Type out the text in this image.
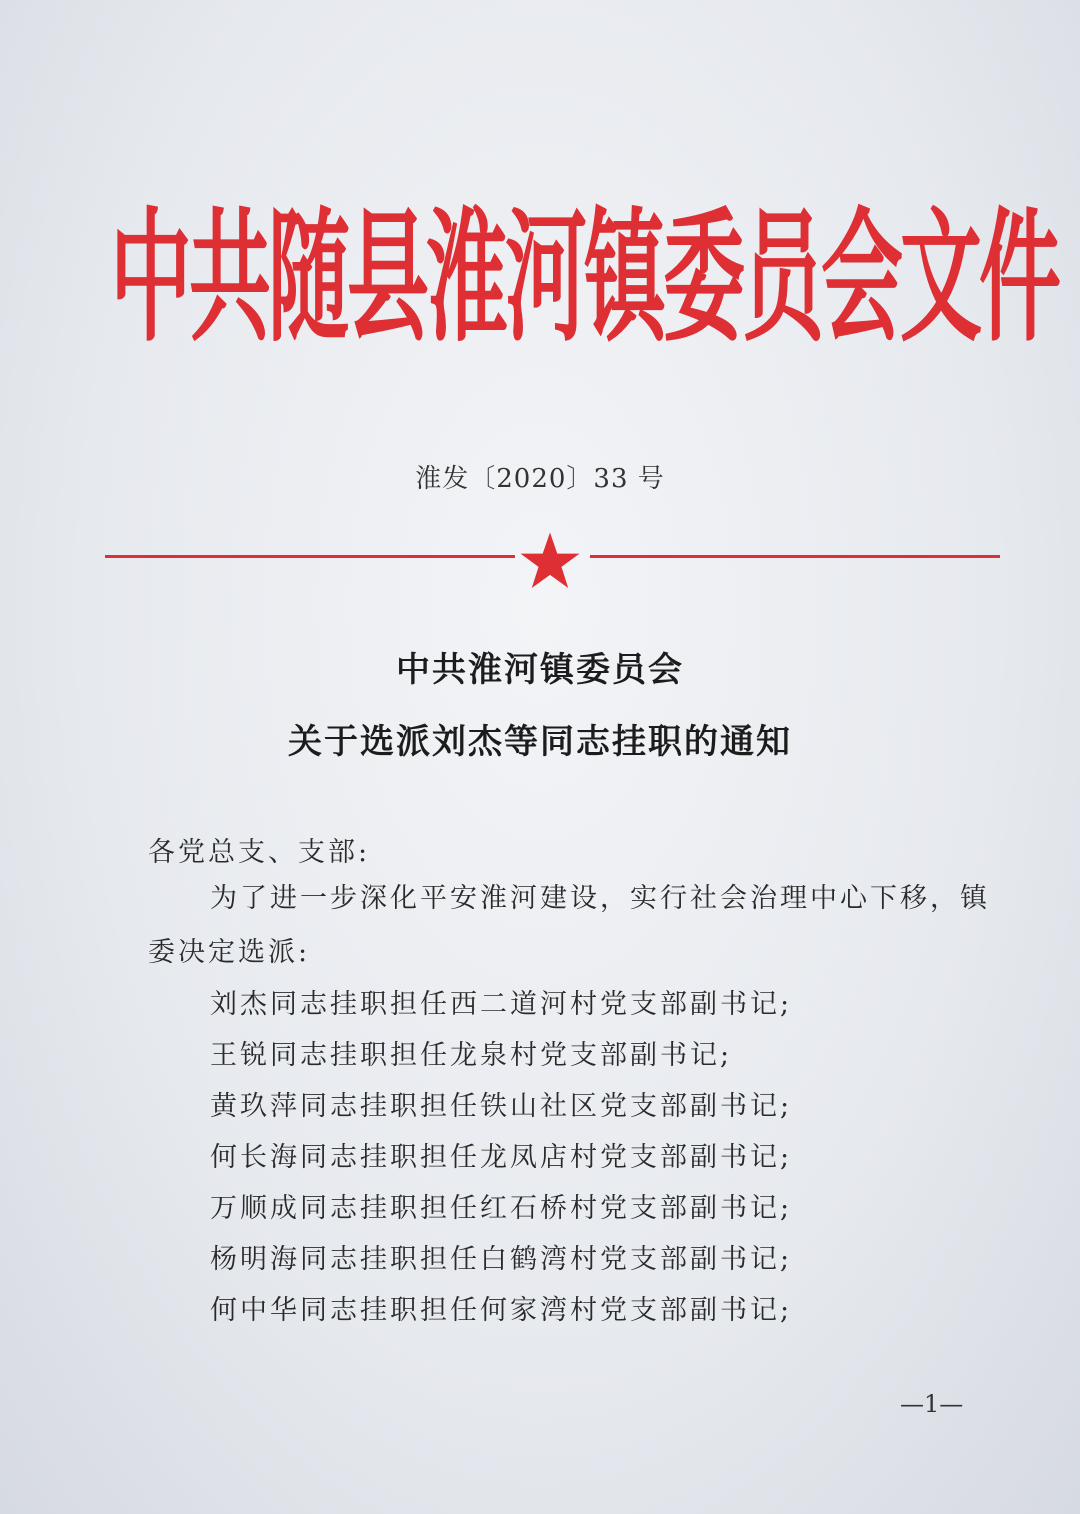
中共随县淮河镇委员会文件
淮发〔2020〕33 号
中共淮河镇委员会
关于选派刘杰等同志挂职的通知
各党总支、支部:
为了进一步深化平安淮河建设，实行社会治理中心下移，镇
委决定选派:
刘杰同志挂职担任西二道河村党支部副书记;
王锐同志挂职担任龙泉村党支部副书记;
黄玖萍同志挂职担任铁山社区党支部副书记;
何长海同志挂职担任龙凤店村党支部副书记;
万顺成同志挂职担任红石桥村党支部副书记;
杨明海同志挂职担任白鹤湾村党支部副书记;
何中华同志挂职担任何家湾村党支部副书记;
—1—
